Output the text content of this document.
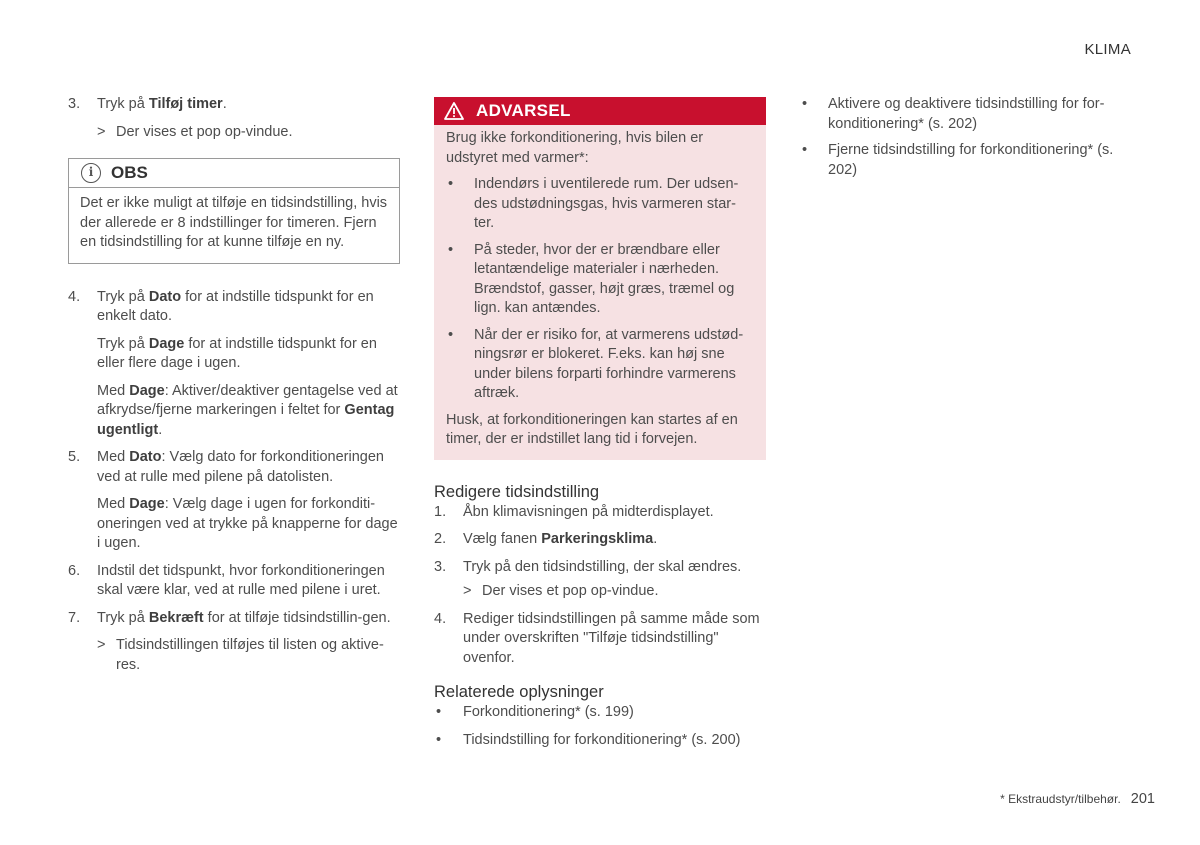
KLIMA
3. Tryk på Tilføj timer.

> Der vises et pop op-vindue.
i	OBS
Det er ikke muligt at tilføje en tidsindstilling, hvis der allerede er 8 indstillinger for timeren. Fjern en tidsindstilling for at kunne tilføje en ny.
4. Tryk på Dato for at indstille tidspunkt for en enkelt dato.

Tryk på Dage for at indstille tidspunkt for en eller flere dage i ugen.

Med Dage: Aktiver/deaktiver gentagelse ved at afkrydse/fjerne markeringen i feltet for Gentag ugentligt.

5. Med Dato: Vælg dato for forkonditioneringen ved at rulle med pilene på datolisten.

Med Dage: Vælg dage i ugen for forkonditi-oneringen ved at trykke på knapperne for dage i ugen.

6. Indstil det tidspunkt, hvor forkonditioneringen skal være klar, ved at rulle med pilene i uret.

7. Tryk på Bekræft for at tilføje tidsindstillin-gen.

> Tidsindstillingen tilføjes til listen og aktive-res.
ADVARSEL

Brug ikke forkonditionering, hvis bilen er udstyret med varmer*:

• Indendørs i uventilerede rum. Der udsen-des udstødningsgas, hvis varmeren star-ter.
• På steder, hvor der er brændbare eller letantændelige materialer i nærheden. Brændstof, gasser, højt græs, træmel og lign. kan antændes.
• Når der er risiko for, at varmerens udstød-ningsrør er blokeret. F.eks. kan høj sne under bilens forparti forhindre varmerens aftræk.

Husk, at forkonditioneringen kan startes af en timer, der er indstillet lang tid i forvejen.

Redigere tidsindstilling
1. Åbn klimavisningen på midterdisplayet.
2. Vælg fanen Parkeringsklima.
3. Tryk på den tidsindstilling, der skal ændres.
> Der vises et pop op-vindue.
4. Rediger tidsindstillingen på samme måde som under overskriften "Tilføje tidsindstilling" ovenfor.
Relaterede oplysninger
• Forkonditionering* (s. 199)
• Tidsindstilling for forkonditionering* (s. 200)
• Aktivere og deaktivere tidsindstilling for for-konditionering* (s. 202)
• Fjerne tidsindstilling for forkonditionering* (s. 202)
* Ekstraudstyr/tilbehør. 201
